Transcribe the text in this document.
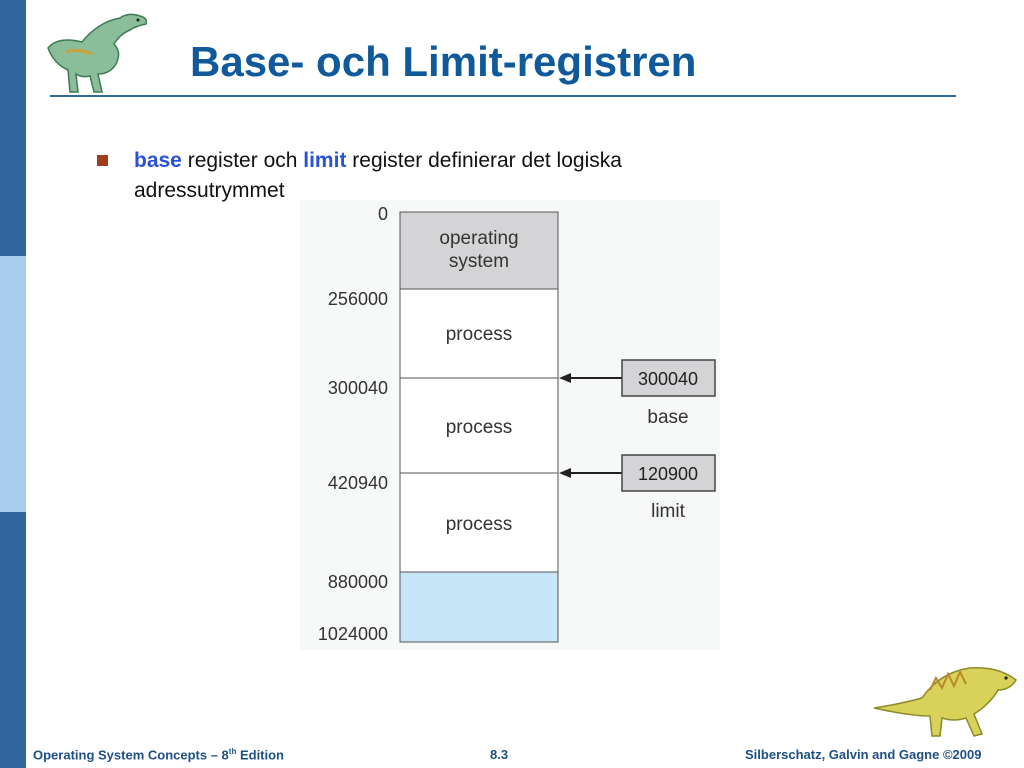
Base- och Limit-registren
base register och limit register definierar det logiska adressutrymmet
operating
system
process
process
process
0
256000
300040
420940
880000
1024000
300040
base
120900
limit
Operating System Concepts – 8th Edition	8.3	Silberschatz, Galvin and Gagne ©2009
